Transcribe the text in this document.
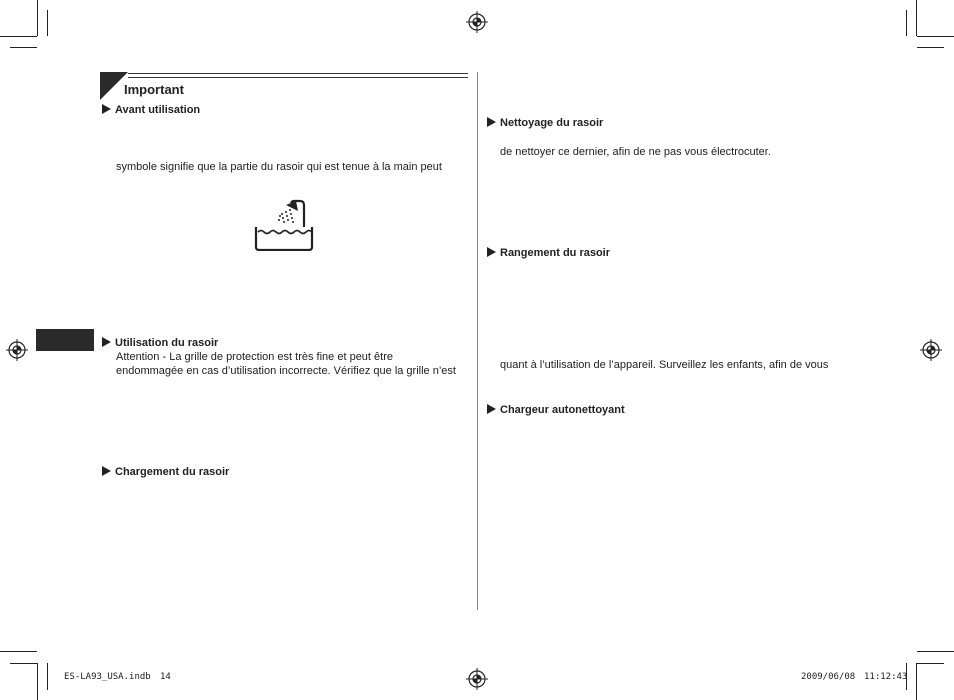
Important
Avant utilisation
symbole signifie que la partie du rasoir qui est tenue à la main peut
Utilisation du rasoir
Attention - La grille de protection est très fine et peut être
endommagée en cas d’utilisation incorrecte. Vérifiez que la grille n’est
Chargement du rasoir
Nettoyage du rasoir
de nettoyer ce dernier, afin de ne pas vous électrocuter.
Rangement du rasoir
quant à l’utilisation de l’appareil. Surveillez les enfants, afin de vous
Chargeur autonettoyant
ES-LA93_USA.indb 14	2009/06/08 11:12:43
